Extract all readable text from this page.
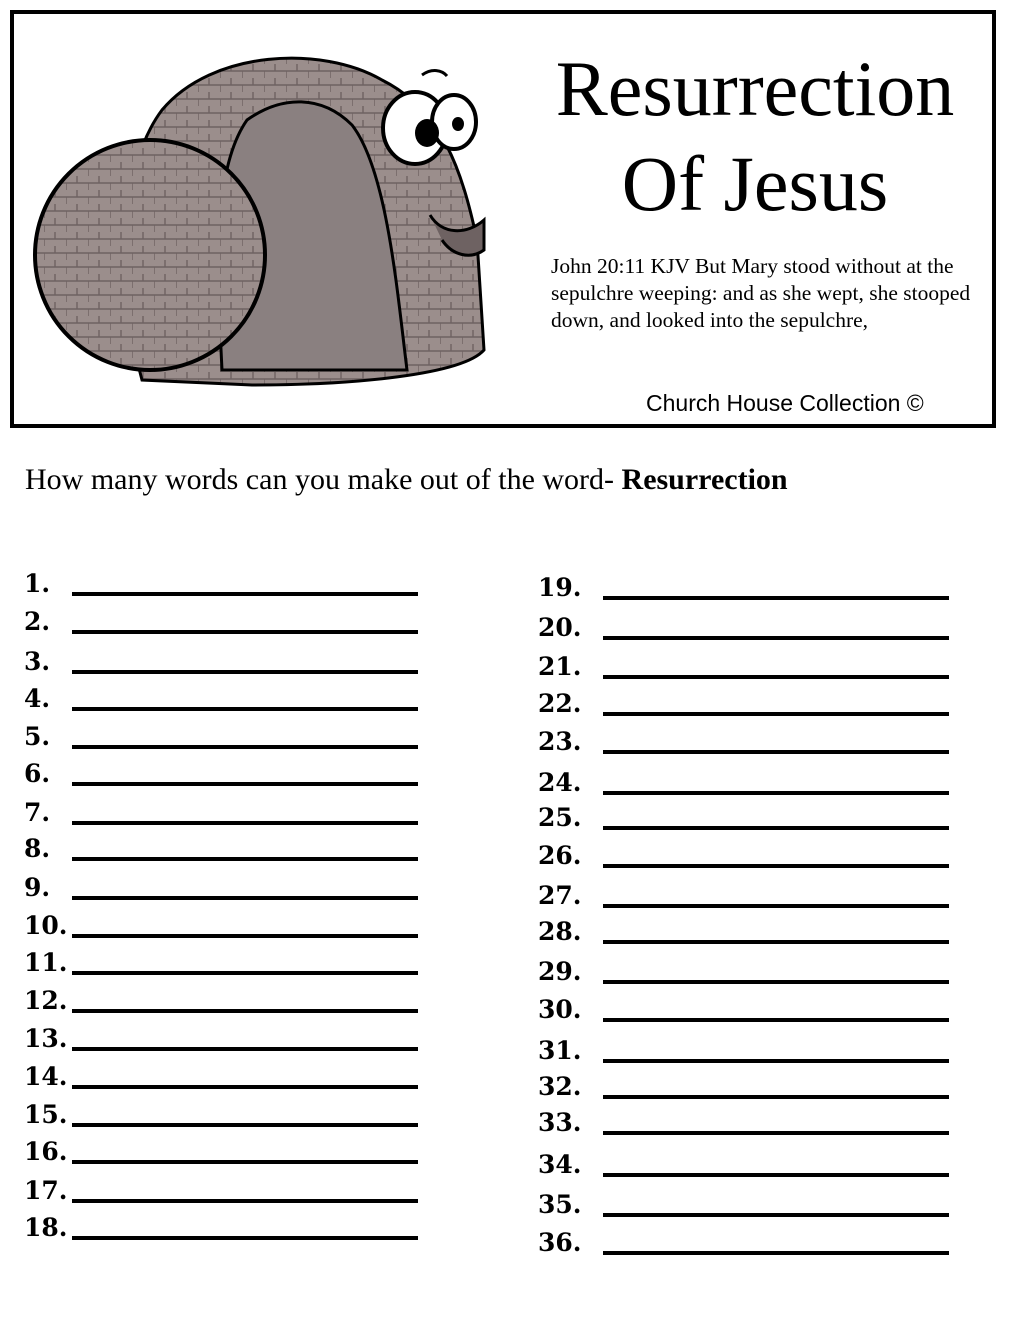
Resurrection
Of Jesus
John 20:11 KJV But Mary stood without at the sepulchre weeping: and as she wept, she stooped down, and looked into the sepulchre,
Church House Collection ©
How many words can you make out of the word- Resurrection
1.
2.
3.
4.
5.
6.
7.
8.
9.
10.
11.
12.
13.
14.
15.
16.
17.
18.
19.
20.
21.
22.
23.
24.
25.
26.
27.
28.
29.
30.
31.
32.
33.
34.
35.
36.
